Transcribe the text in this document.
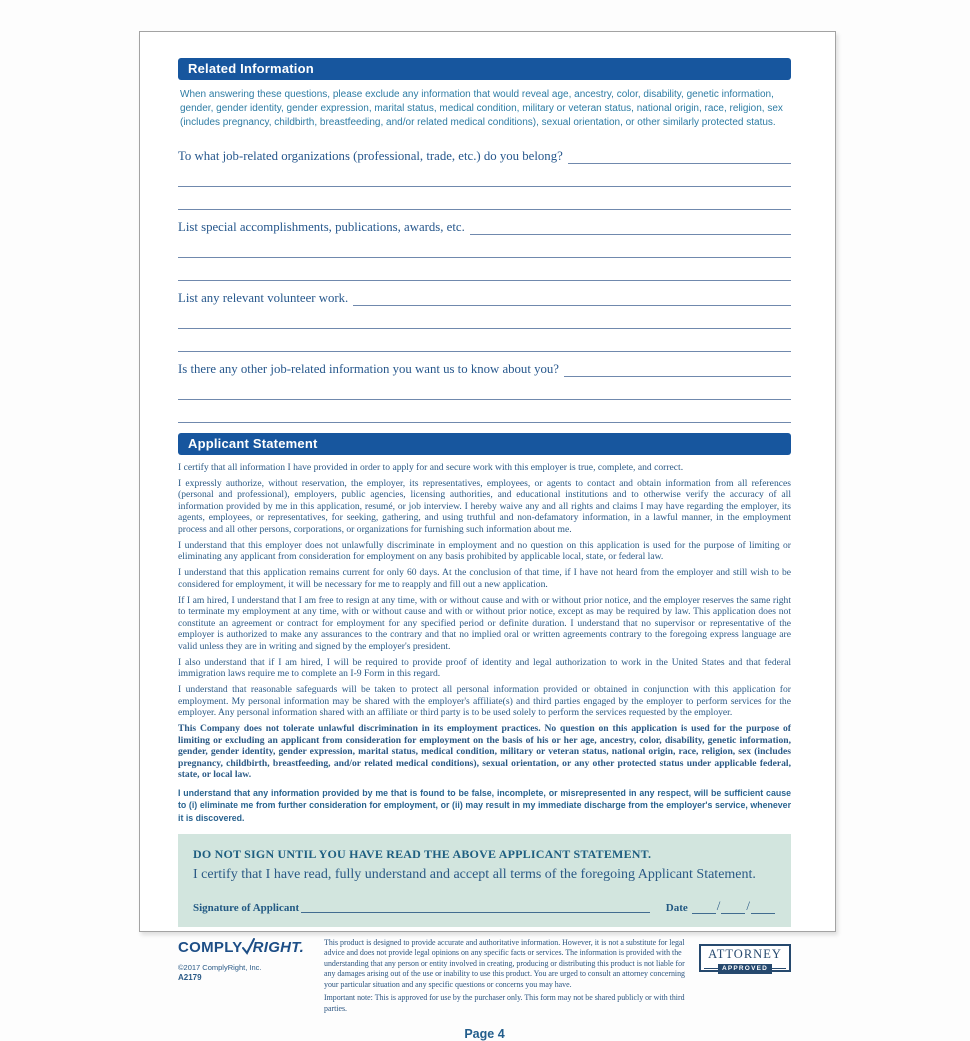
Related Information
When answering these questions, please exclude any information that would reveal age, ancestry, color, disability, genetic information, gender, gender identity, gender expression, marital status, medical condition, military or veteran status, national origin, race, religion, sex (includes pregnancy, childbirth, breastfeeding, and/or related medical conditions), sexual orientation, or other similarly protected status.
To what job-related organizations (professional, trade, etc.) do you belong?
List special accomplishments, publications, awards, etc.
List any relevant volunteer work.
Is there any other job-related information you want us to know about you?
Applicant Statement

I certify that all information I have provided in order to apply for and secure work with this employer is true, complete, and correct.

I expressly authorize, without reservation, the employer, its representatives, employees, or agents to contact and obtain information from all references (personal and professional), employers, public agencies, licensing authorities, and educational institutions and to otherwise verify the accuracy of all information provided by me in this application, resumé, or job interview. I hereby waive any and all rights and claims I may have regarding the employer, its agents, employees, or representatives, for seeking, gathering, and using truthful and non-defamatory information, in a lawful manner, in the employment process and all other persons, corporations, or organizations for furnishing such information about me.

I understand that this employer does not unlawfully discriminate in employment and no question on this application is used for the purpose of limiting or eliminating any applicant from consideration for employment on any basis prohibited by applicable local, state, or federal law.

I understand that this application remains current for only 60 days. At the conclusion of that time, if I have not heard from the employer and still wish to be considered for employment, it will be necessary for me to reapply and fill out a new application.

If I am hired, I understand that I am free to resign at any time, with or without cause and with or without prior notice, and the employer reserves the same right to terminate my employment at any time, with or without cause and with or without prior notice, except as may be required by law. This application does not constitute an agreement or contract for employment for any specified period or definite duration. I understand that no supervisor or representative of the employer is authorized to make any assurances to the contrary and that no implied oral or written agreements contrary to the foregoing express language are valid unless they are in writing and signed by the employer's president.

I also understand that if I am hired, I will be required to provide proof of identity and legal authorization to work in the United States and that federal immigration laws require me to complete an I-9 Form in this regard.

I understand that reasonable safeguards will be taken to protect all personal information provided or obtained in conjunction with this application for employment. My personal information may be shared with the employer's affiliate(s) and third parties engaged by the employer to perform services for the employer. Any personal information shared with an affiliate or third party is to be used solely to perform the services requested by the employer.

This Company does not tolerate unlawful discrimination in its employment practices. No question on this application is used for the purpose of limiting or excluding an applicant from consideration for employment on the basis of his or her age, ancestry, color, disability, genetic information, gender, gender identity, gender expression, marital status, medical condition, military or veteran status, national origin, race, religion, sex (includes pregnancy, childbirth, breastfeeding, and/or related medical conditions), sexual orientation, or any other protected status under applicable federal, state, or local law.

I understand that any information provided by me that is found to be false, incomplete, or misrepresented in any respect, will be sufficient cause to (i) eliminate me from further consideration for employment, or (ii) may result in my immediate discharge from the employer's service, whenever it is discovered.

DO NOT SIGN UNTIL YOU HAVE READ THE ABOVE APPLICANT STATEMENT.
I certify that I have read, fully understand and accept all terms of the foregoing Applicant Statement.
Signature of Applicant	Date / /
COMPLY RIGHT.
©2017 ComplyRight, Inc.
A2179
This product is designed to provide accurate and authoritative information. However, it is not a substitute for legal advice and does not provide legal opinions on any specific facts or services. The information is provided with the understanding that any person or entity involved in creating, producing or distributing this product is not liable for any damages arising out of the use or inability to use this product. You are urged to consult an attorney concerning your particular situation and any specific questions or concerns you may have.
Important note: This is approved for use by the purchaser only. This form may not be shared publicly or with third parties.
ATTORNEY
APPROVED
Page 4
